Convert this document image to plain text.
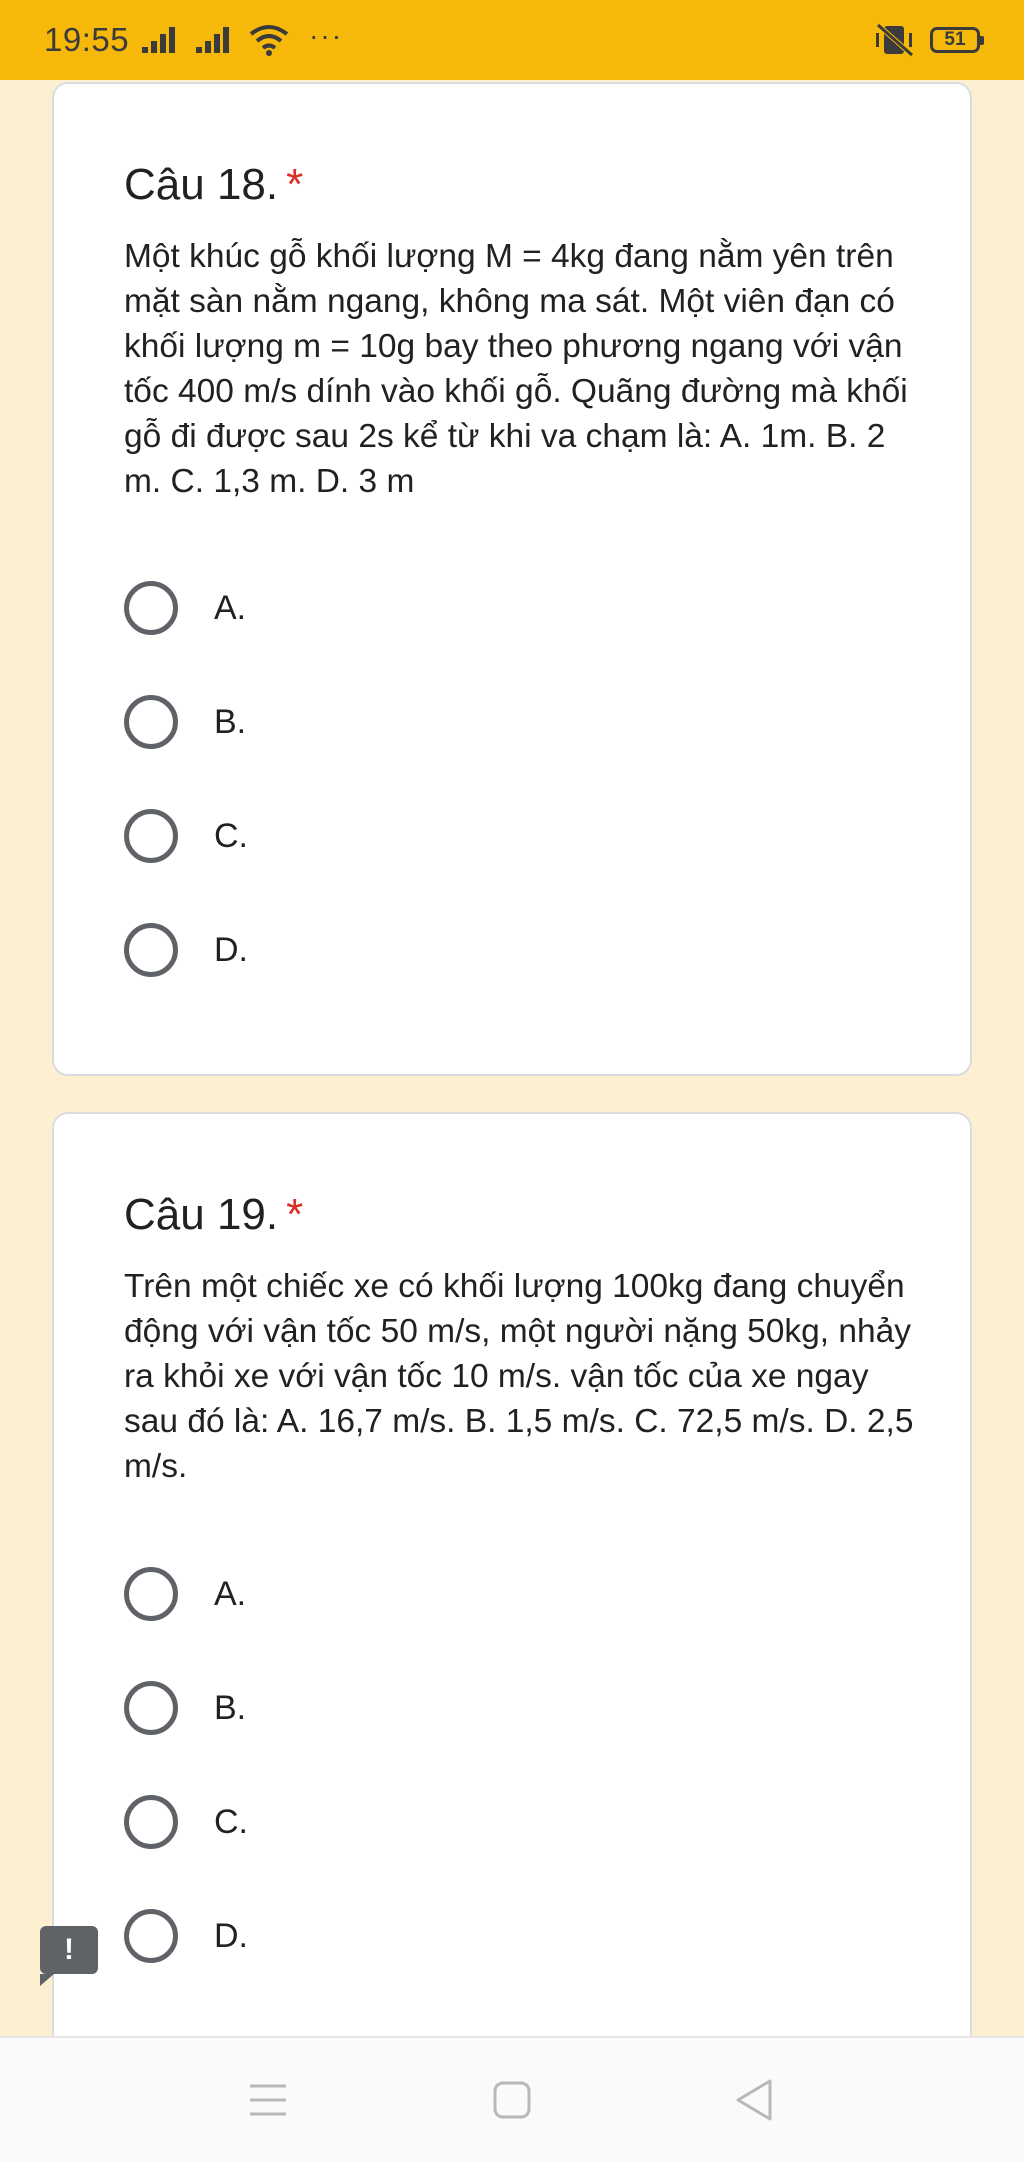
19:55	···	51
Câu 18. *
Một khúc gỗ khối lượng M = 4kg đang nằm yên trên mặt sàn nằm ngang, không ma sát. Một viên đạn có khối lượng m = 10g bay theo phương ngang với vận tốc 400 m/s dính vào khối gỗ. Quãng đường mà khối gỗ đi được sau 2s kể từ khi va chạm là: A. 1m. B. 2 m. C. 1,3 m. D. 3 m
A.
B.
C.
D.
Câu 19. *
Trên một chiếc xe có khối lượng 100kg đang chuyển động với vận tốc 50 m/s, một người nặng 50kg, nhảy ra khỏi xe với vận tốc 10 m/s. vận tốc của xe ngay sau đó là: A. 16,7 m/s. B. 1,5 m/s. C. 72,5 m/s. D. 2,5 m/s.
A.
B.
C.
D.
!
